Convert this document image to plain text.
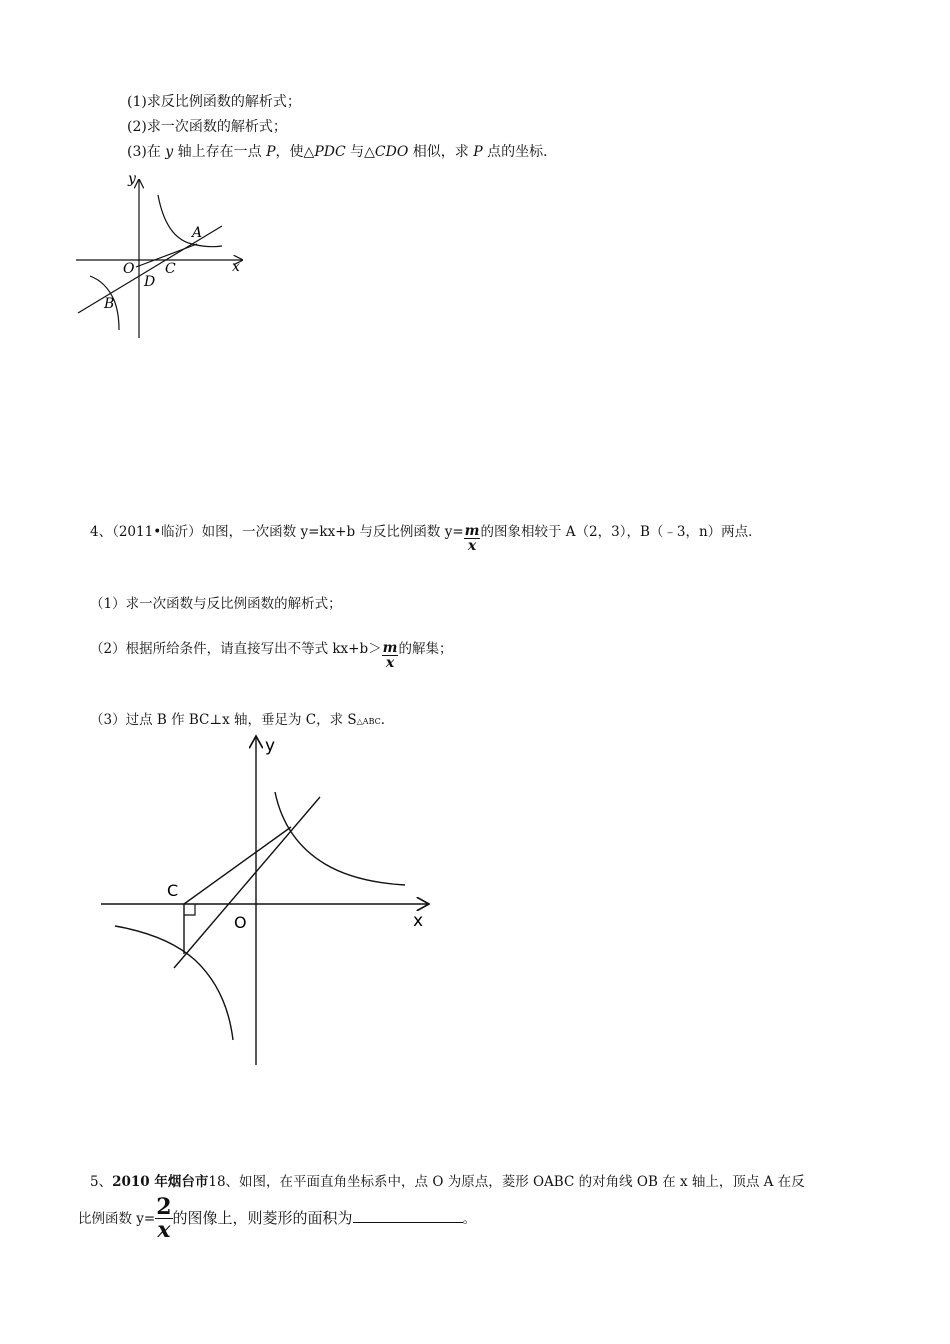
(1)求反比例函数的解析式；
(2)求一次函数的解析式；
(3)在 y 轴上存在一点 P，使△PDC 与△CDO 相似，求 P 点的坐标．
y
x
A
O C
D
B
4、（2011•临沂）如图，一次函数 y=kx+b 与反比例函数 $y= \frac{m}{x}$ 的图象相较于 A（2，3），B（﹣3，n）两点．
（1）求一次函数与反比例函数的解析式；
（2）根据所给条件，请直接写出不等式 $kx+b> \frac{m}{x}$ 的解集；
（3）过点 B 作 BC⊥x 轴，垂足为 C，求 S△ABC．
y
x
C
O
5、2010 年烟台市18、如图，在平面直角坐标系中，点 O 为原点，菱形 OABC 的对角线 OB 在 x 轴上，顶点 A 在反
比例函数 $y= \frac{2}{x}$ 的图像上，则菱形的面积为	。
